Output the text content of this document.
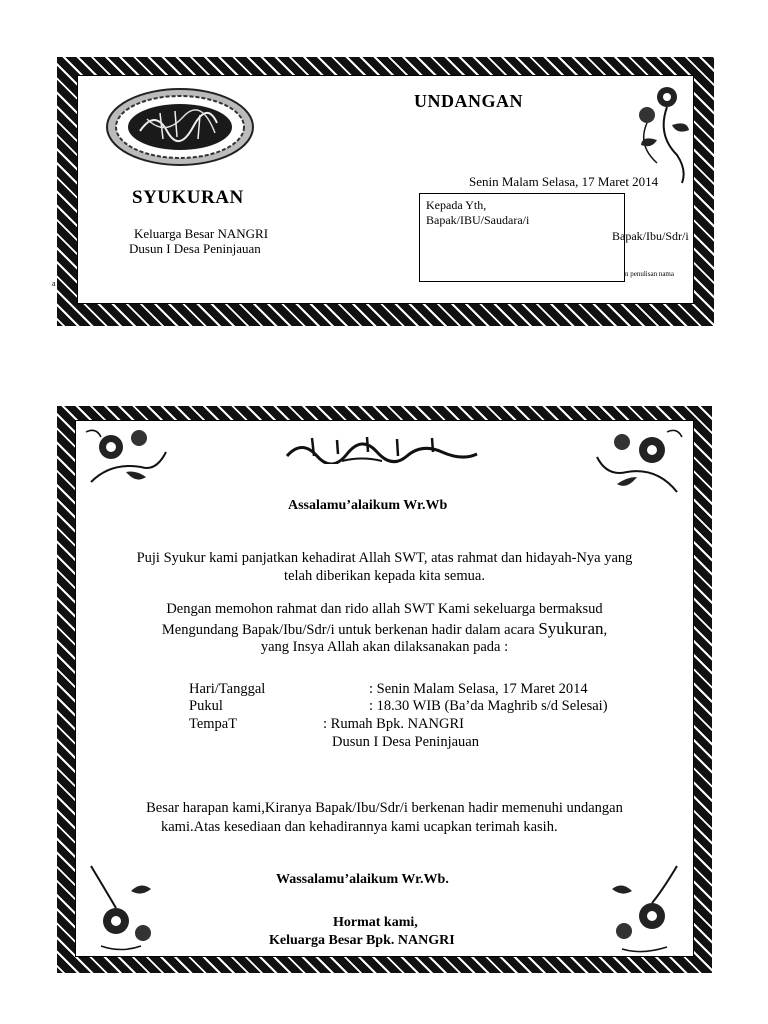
UNDANGAN
SYUKURAN
Keluarga Besar NANGRI
Dusun I Desa Peninjauan
Senin Malam Selasa, 17 Maret 2014
Kepada Yth,
Bapak/IBU/Saudara/i
Bapak/Ibu/Sdr/i
n penulisan nama
a
Assalamu’alaikum Wr.Wb
Puji Syukur kami panjatkan kehadirat Allah SWT, atas rahmat dan hidayah-Nya yang
telah diberikan kepada kita semua.
Dengan memohon rahmat dan rido allah SWT Kami sekeluarga bermaksud
Mengundang Bapak/Ibu/Sdr/i untuk berkenan hadir dalam acara Syukuran,
yang Insya Allah akan dilaksanakan pada :
Hari/Tanggal	: Senin Malam Selasa, 17 Maret 2014
Pukul	: 18.30 WIB (Ba’da Maghrib s/d Selesai)
TempaT	: Rumah Bpk. NANGRI
Dusun I Desa Peninjauan
Besar harapan kami,Kiranya Bapak/Ibu/Sdr/i berkenan hadir memenuhi undangan
kami.Atas kesediaan dan kehadirannya kami ucapkan terimah kasih.
Wassalamu’alaikum Wr.Wb.
Hormat kami,
Keluarga Besar Bpk. NANGRI
